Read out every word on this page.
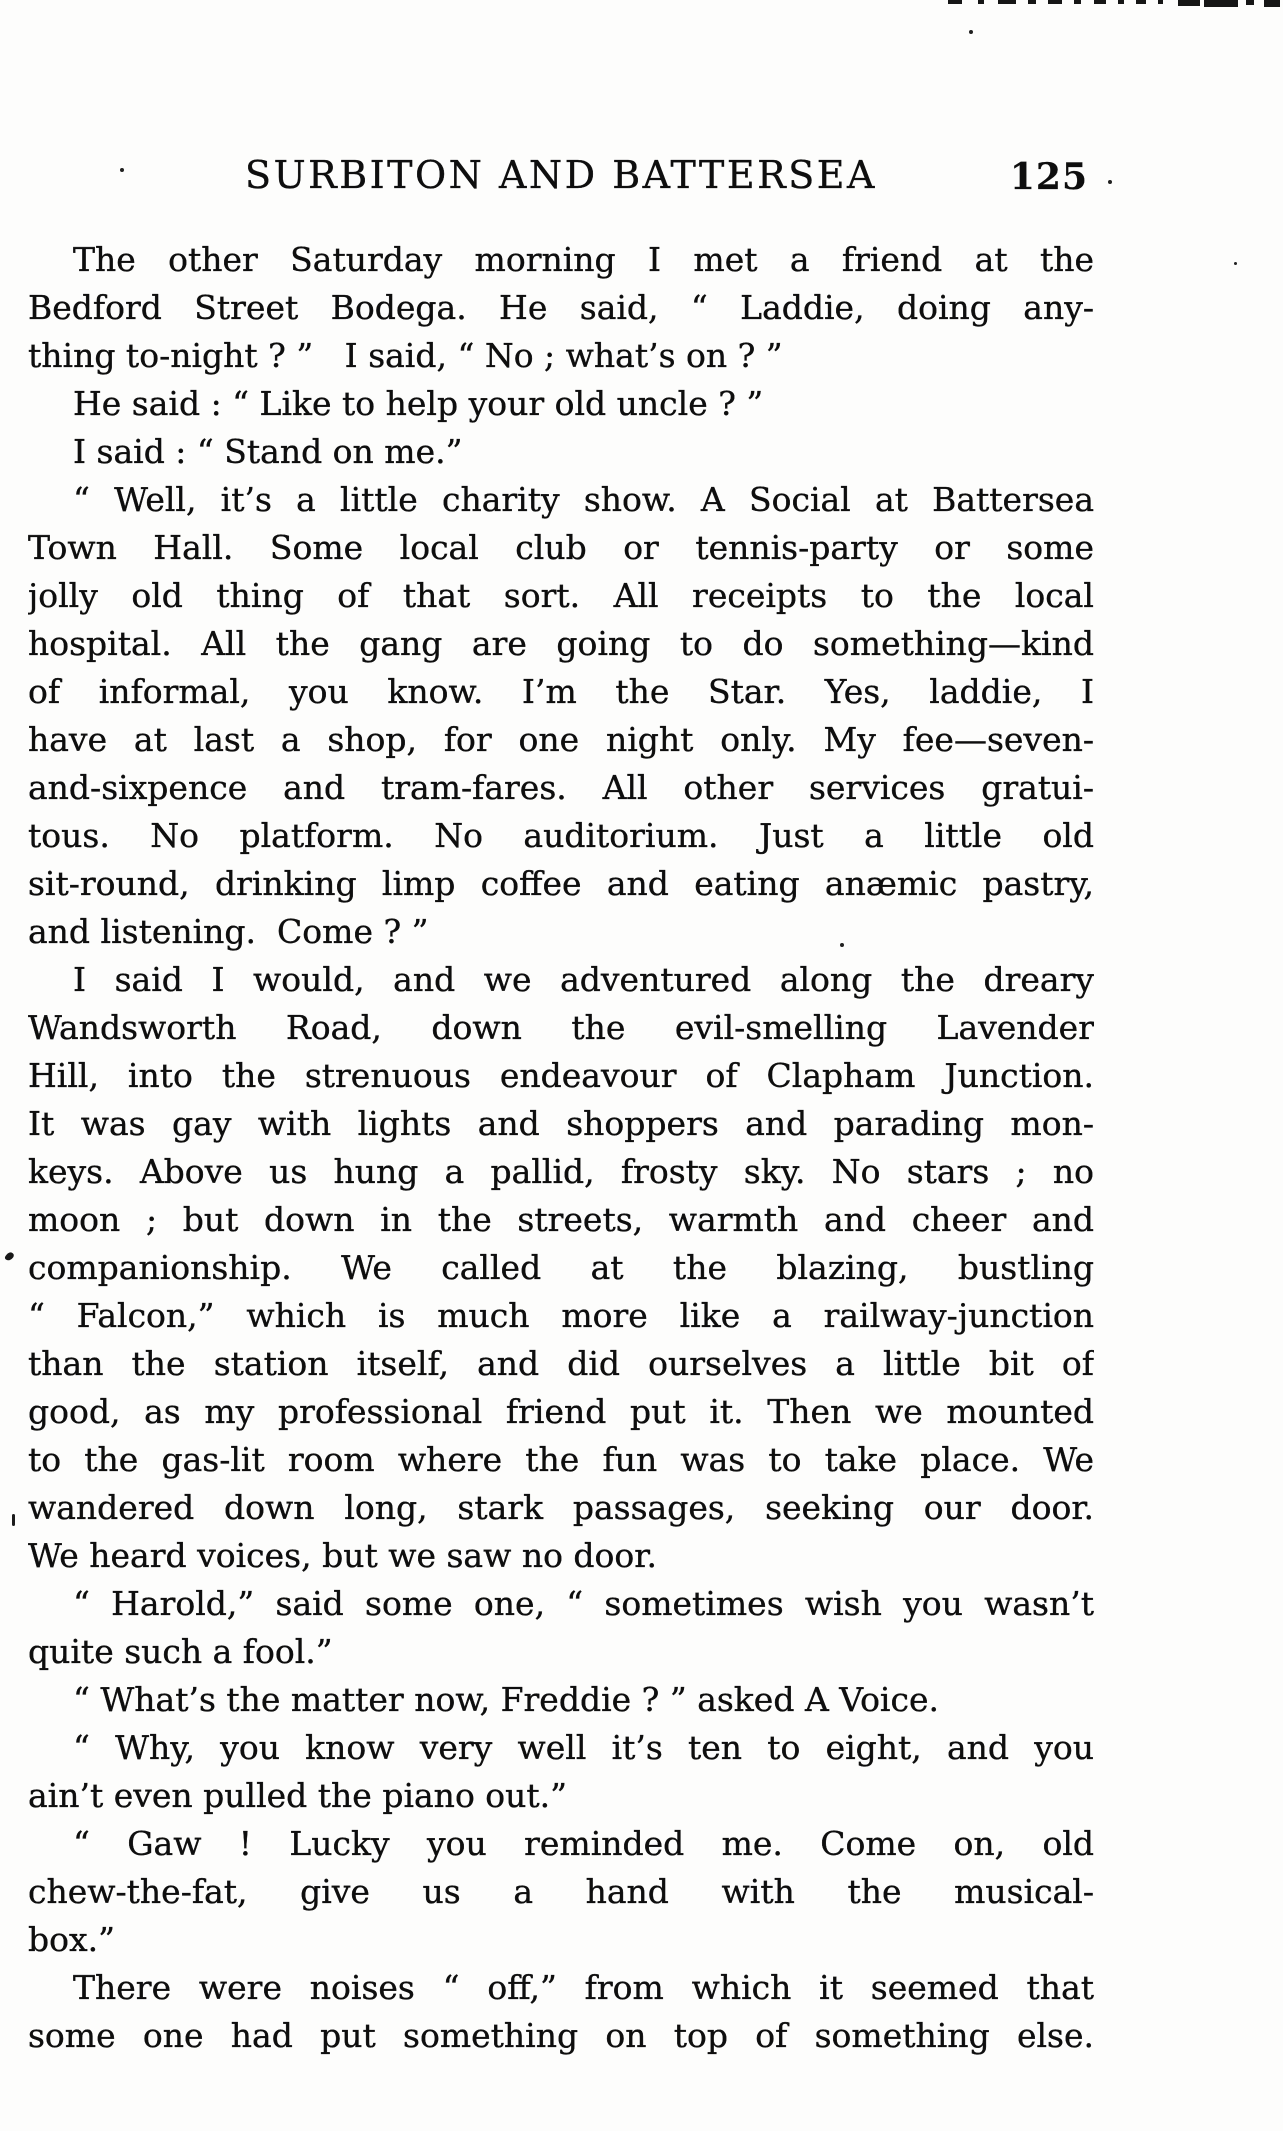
SURBITON AND BATTERSEA	125
The other Saturday morning I met a friend at the
Bedford Street Bodega. He said, “ Laddie, doing any-
thing to-night ? ”   I said, “ No ; what’s on ? ”
He said : “ Like to help your old uncle ? ”
I said : “ Stand on me.”
“ Well, it’s a little charity show. A Social at Battersea
Town Hall. Some local club or tennis-party or some
jolly old thing of that sort. All receipts to the local
hospital. All the gang are going to do something—kind
of informal, you know. I’m the Star. Yes, laddie, I
have at last a shop, for one night only. My fee—seven-
and-sixpence and tram-fares. All other services gratui-
tous. No platform. No auditorium. Just a little old
sit-round, drinking limp coffee and eating anæmic pastry,
and listening.  Come ? ”
I said I would, and we adventured along the dreary
Wandsworth Road, down the evil-smelling Lavender
Hill, into the strenuous endeavour of Clapham Junction.
It was gay with lights and shoppers and parading mon-
keys. Above us hung a pallid, frosty sky. No stars ; no
moon ; but down in the streets, warmth and cheer and
companionship. We called at the blazing, bustling
“ Falcon,” which is much more like a railway-junction
than the station itself, and did ourselves a little bit of
good, as my professional friend put it. Then we mounted
to the gas-lit room where the fun was to take place. We
wandered down long, stark passages, seeking our door.
We heard voices, but we saw no door.
“ Harold,” said some one, “ sometimes wish you wasn’t
quite such a fool.”
“ What’s the matter now, Freddie ? ” asked A Voice.
“ Why, you know very well it’s ten to eight, and you
ain’t even pulled the piano out.”
“ Gaw ! Lucky you reminded me. Come on, old
chew-the-fat, give us a hand with the musical-
box.”
There were noises “ off,” from which it seemed that
some one had put something on top of something else.
